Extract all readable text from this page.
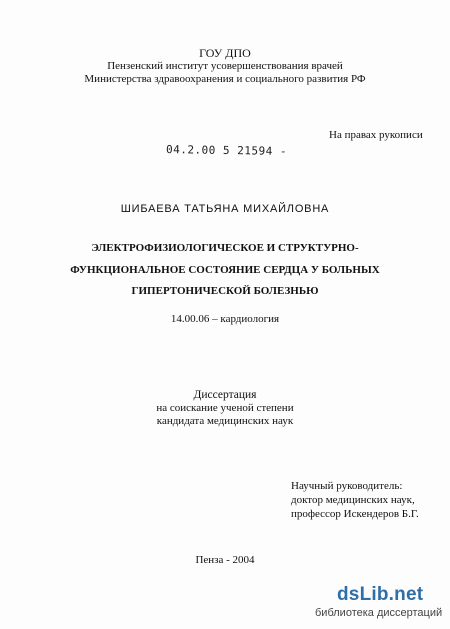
ГОУ ДПО
Пензенский институт усовершенствования врачей
Министерства здравоохранения и социального развития РФ
На правах рукописи
04.2.00 5 21594 -
ШИБАЕВА ТАТЬЯНА МИХАЙЛОВНА
ЭЛЕКТРОФИЗИОЛОГИЧЕСКОЕ И СТРУКТУРНО-
ФУНКЦИОНАЛЬНОЕ СОСТОЯНИЕ СЕРДЦА У БОЛЬНЫХ
ГИПЕРТОНИЧЕСКОЙ БОЛЕЗНЬЮ
14.00.06 – кардиология
Диссертация
на соискание ученой степени
кандидата медицинских наук
Научный руководитель:
доктор медицинских наук,
профессор Искендеров Б.Г.
Пенза - 2004
dsLib.net
библиотека диссертаций
